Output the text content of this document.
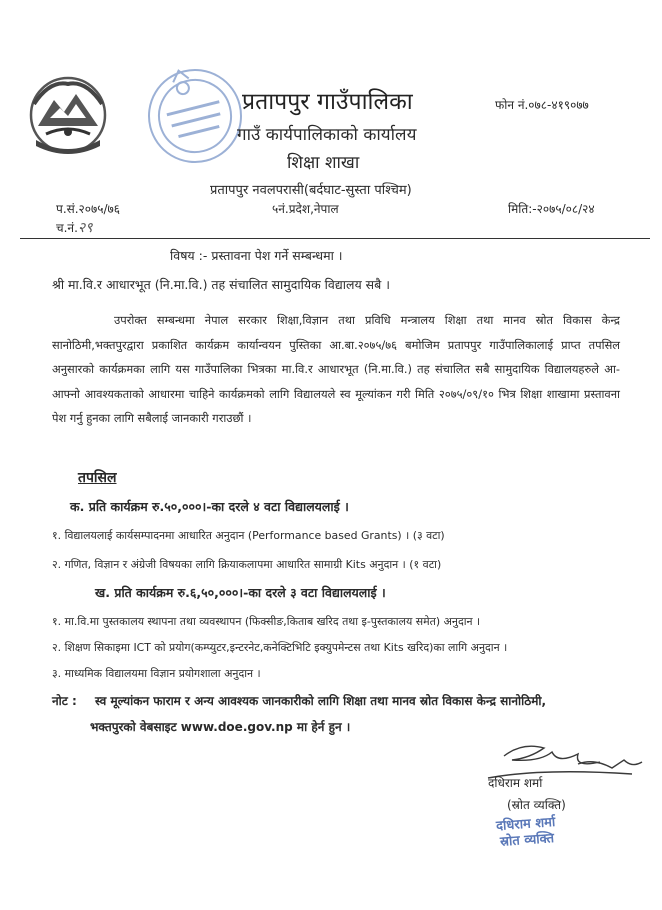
प्रतापपुर गाउँपालिका	फोन नं.०७८-४१९०७७
गाउँ कार्यपालिकाको कार्यालय
शिक्षा शाखा
प्रतापपुर नवलपरासी(बर्दघाट-सुस्ता पश्चिम)
प.सं.२०७५/७६	५नं.प्रदेश,नेपाल	मिति:-२०७५/०८/२४
च.नं.२९
विषय :- प्रस्तावना पेश गर्ने सम्बन्धमा ।
श्री मा.वि.र आधारभूत (नि.मा.वि.) तह संचालित सामुदायिक विद्यालय सबै ।
उपरोक्त सम्बन्धमा नेपाल सरकार शिक्षा,विज्ञान तथा प्रविधि मन्त्रालय शिक्षा तथा मानव स्रोत विकास केन्द्र सानोठिमी,भक्तपुरद्वारा प्रकाशित कार्यक्रम कार्यान्वयन पुस्तिका आ.बा.२०७५/७६ बमोजिम प्रतापपुर गाउँपालिकालाई प्राप्त तपसिल अनुसारको कार्यक्रमका लागि यस गाउँपालिका भित्रका मा.वि.र आधारभूत (नि.मा.वि.) तह संचालित सबै सामुदायिक विद्यालयहरुले आ-आफ्नो आवश्यकताको आधारमा चाहिने कार्यक्रमको लागि विद्यालयले स्व मूल्यांकन गरी मिति २०७५/०९/१० भित्र शिक्षा शाखामा प्रस्तावना पेश गर्नु हुनका लागि सबैलाई जानकारी गराउछौं ।
तपसिल
क. प्रति कार्यक्रम रु.५०,०००।-का दरले ४ वटा विद्यालयलाई ।
१. विद्यालयलाई कार्यसम्पादनमा आधारित अनुदान (Performance based Grants) । (३ वटा)
२. गणित, विज्ञान र अंग्रेजी विषयका लागि क्रियाकलापमा आधारित सामाग्री Kits अनुदान । (१ वटा)
ख. प्रति कार्यक्रम रु.६,५०,०००।-का दरले ३ वटा विद्यालयलाई ।
१. मा.वि.मा पुस्तकालय स्थापना तथा व्यवस्थापन (फिक्सीङ,किताब खरिद तथा इ-पुस्तकालय समेत) अनुदान ।
२. शिक्षण सिकाइमा ICT को प्रयोग(कम्प्युटर,इन्टरनेट,कनेक्टिभिटि इक्युपमेन्टस तथा Kits खरिद)का लागि अनुदान ।
३. माध्यमिक विद्यालयमा विज्ञान प्रयोगशाला अनुदान ।
नोट : स्व मूल्यांकन फाराम र अन्य आवश्यक जानकारीको लागि शिक्षा तथा मानव स्रोत विकास केन्द्र सानोठिमी,
भक्तपुरको वेबसाइट www.doe.gov.np मा हेर्न हुन ।
दधिराम शर्मा
(स्रोत व्यक्ति)
दधिराम शर्मा
स्रोत व्यक्ति
